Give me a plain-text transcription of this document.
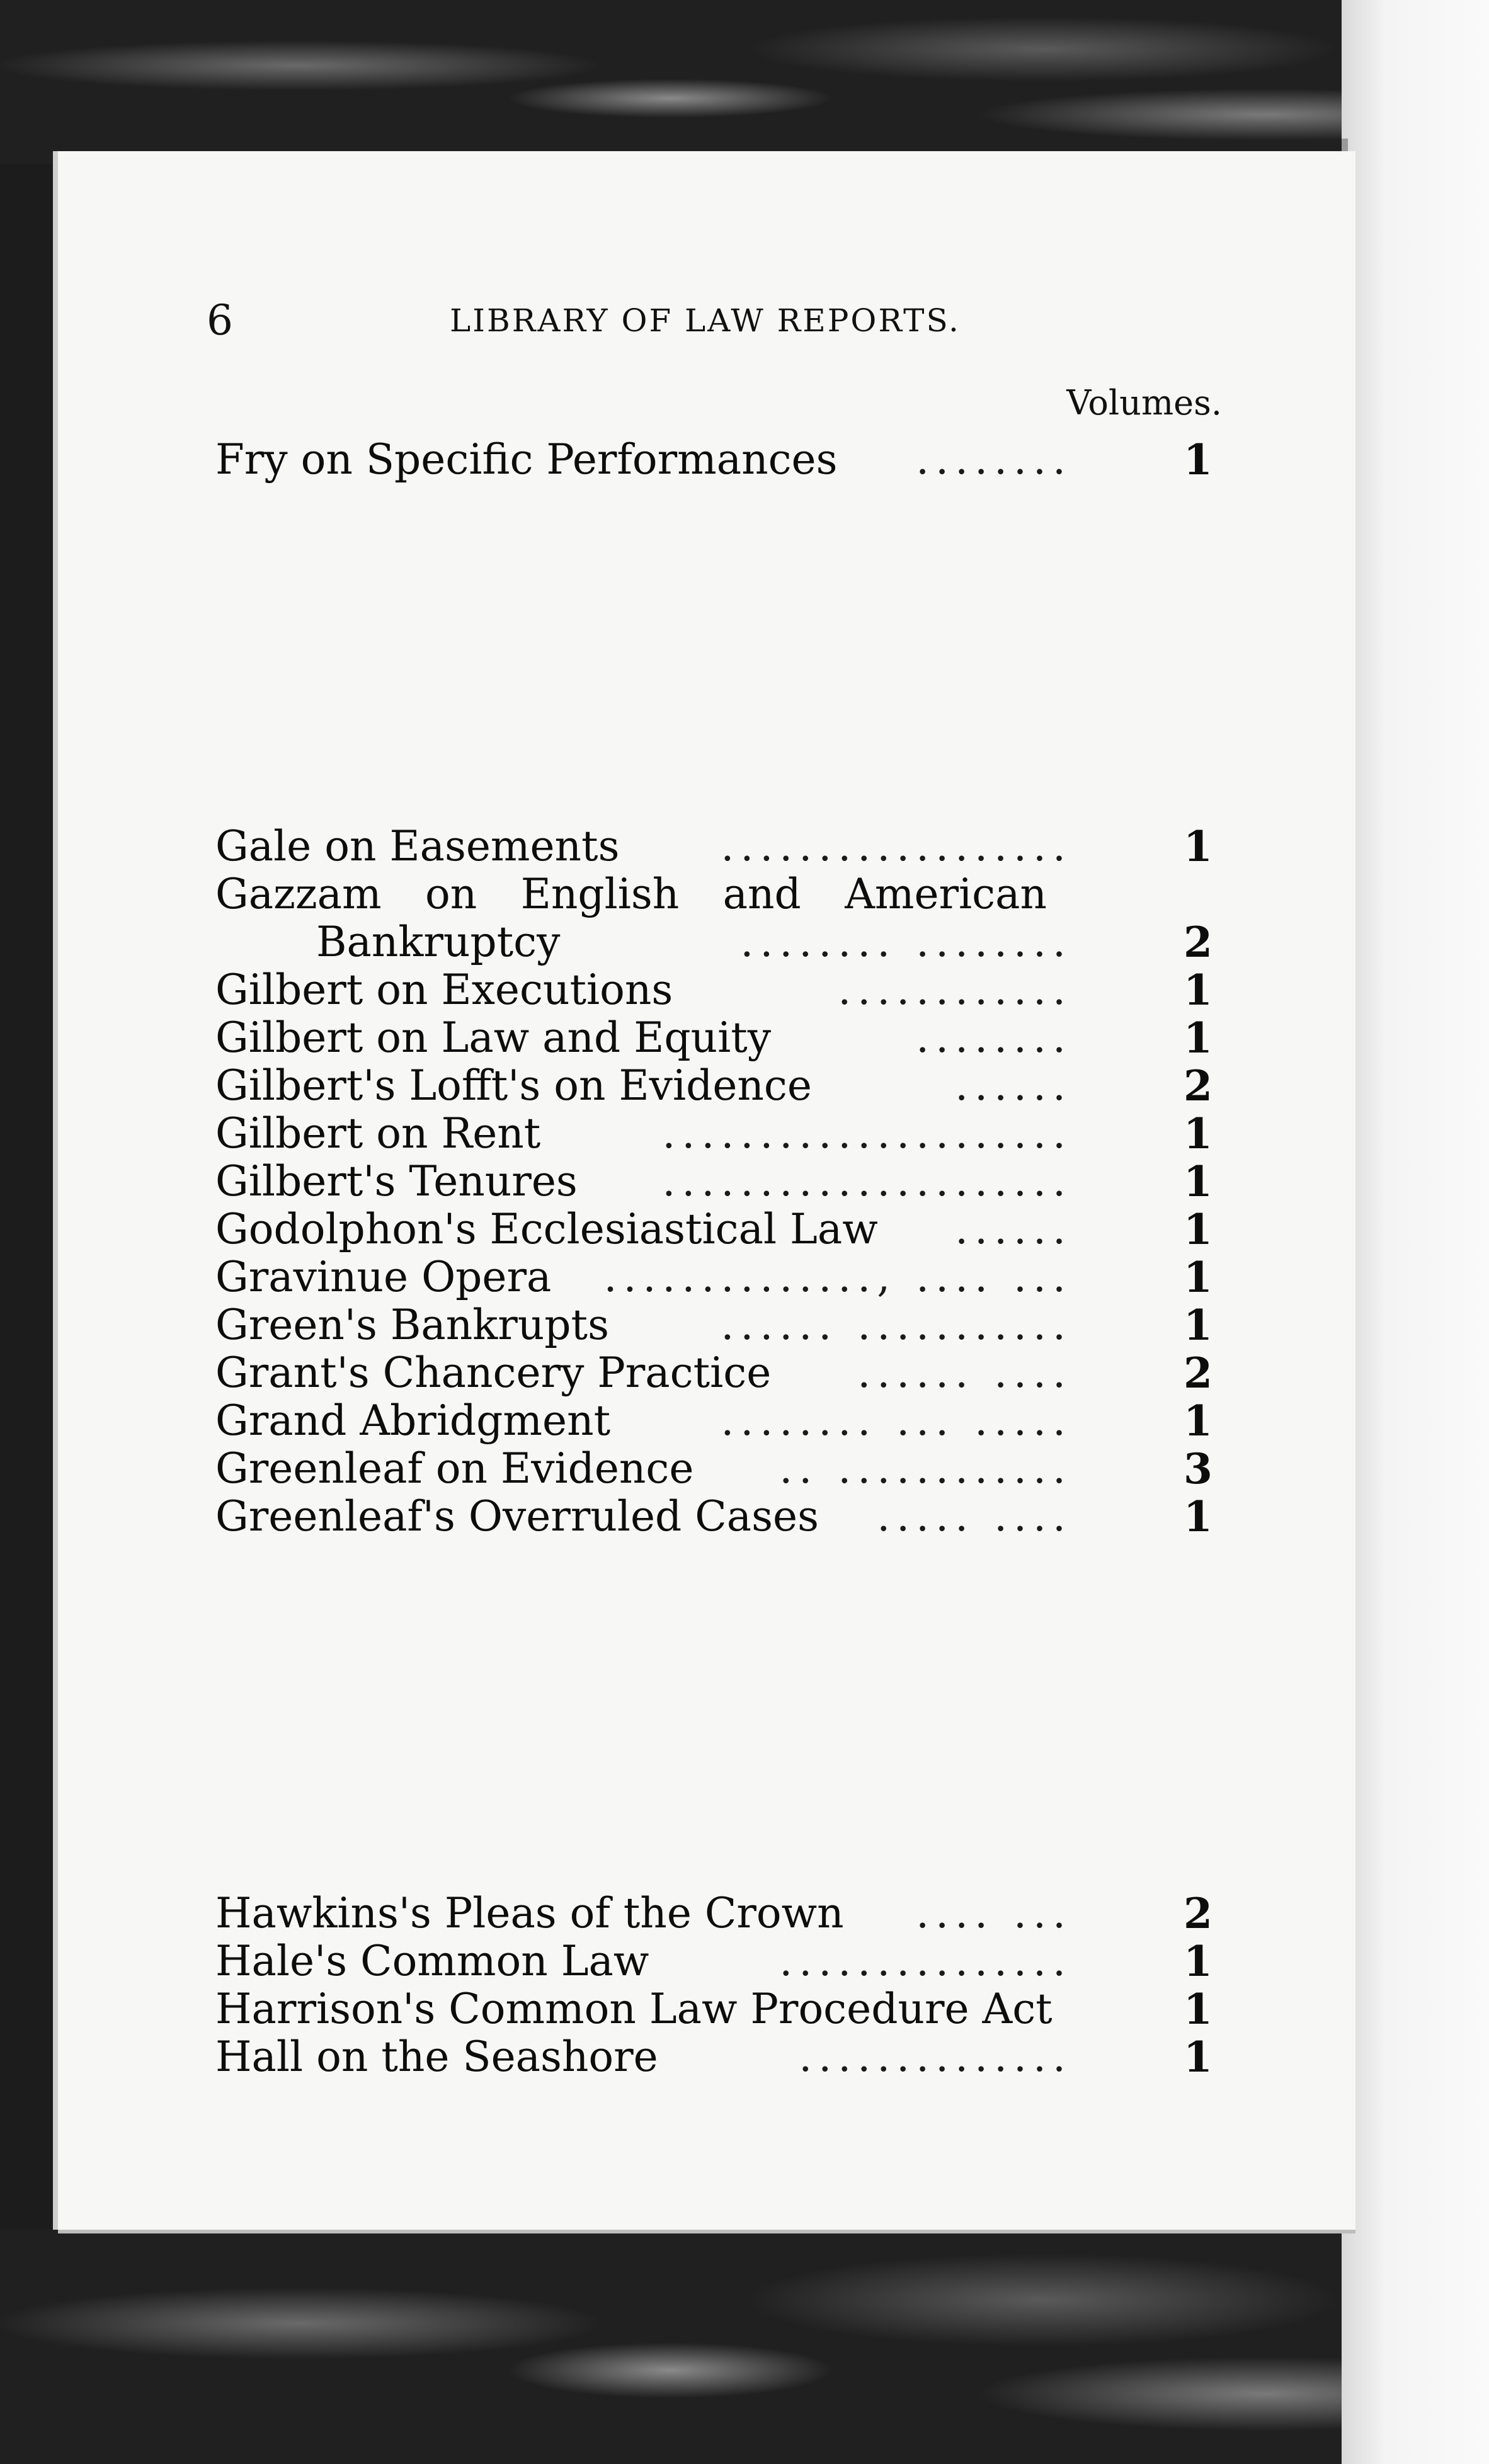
6	LIBRARY OF LAW REPORTS.
Volumes.
Fry on Specific Performances	........	1
Gale on Easements ..................	1
Gazzam on English and American
Bankruptcy	........ ........	2
Gilbert on Executions	............	1
Gilbert on Law and Equity	........	1
Gilbert's Lofft's on Evidence	......	2
Gilbert on Rent	.....................	1
Gilbert's Tenures	.....................	1
Godolphon's Ecclesiastical Law	......	1
Gravinue Opera .............., .... ...	1
Green's Bankrupts	...... ...........	1
Grant's Chancery Practice	...... ....	2
Grand Abridgment	........ ... .....	1
Greenleaf on Evidence	.. ............	3
Greenleaf's Overruled Cases	..... ....	1
Hawkins's Pleas of the Crown	.... ...	2
Hale's Common Law	...............	1
Harrison's Common Law Procedure Act	1
Hall on the Seashore	..............	1
